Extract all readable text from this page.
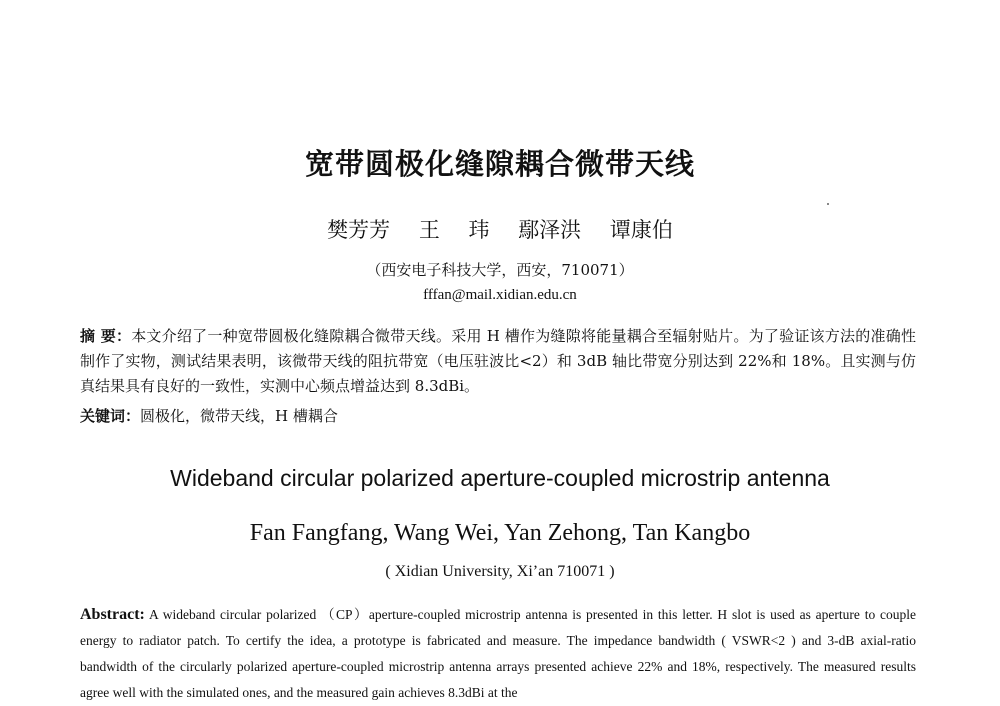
宽带圆极化缝隙耦合微带天线
樊芳芳 王 玮 鄢泽洪 谭康伯
（西安电子科技大学，西安，710071）
fffan@mail.xidian.edu.cn
摘 要：本文介绍了一种宽带圆极化缝隙耦合微带天线。采用 H 槽作为缝隙将能量耦合至辐射贴片。为了验证该方法的准确性制作了实物，测试结果表明，该微带天线的阻抗带宽（电压驻波比<2）和 3dB 轴比带宽分别达到 22%和 18%。且实测与仿真结果具有良好的一致性，实测中心频点增益达到 8.3dBi。
关键词：圆极化，微带天线，H 槽耦合
Wideband circular polarized aperture-coupled microstrip antenna
Fan Fangfang, Wang Wei, Yan Zehong, Tan Kangbo
( Xidian University, Xi’an 710071 )
Abstract: A wideband circular polarized （CP）aperture-coupled microstrip antenna is presented in this letter. H slot is used as aperture to couple energy to radiator patch. To certify the idea, a prototype is fabricated and measure. The impedance bandwidth ( VSWR<2 ) and 3-dB axial-ratio bandwidth of the circularly polarized aperture-coupled microstrip antenna arrays presented achieve 22% and 18%, respectively. The measured results agree well with the simulated ones, and the measured gain achieves 8.3dBi at the
